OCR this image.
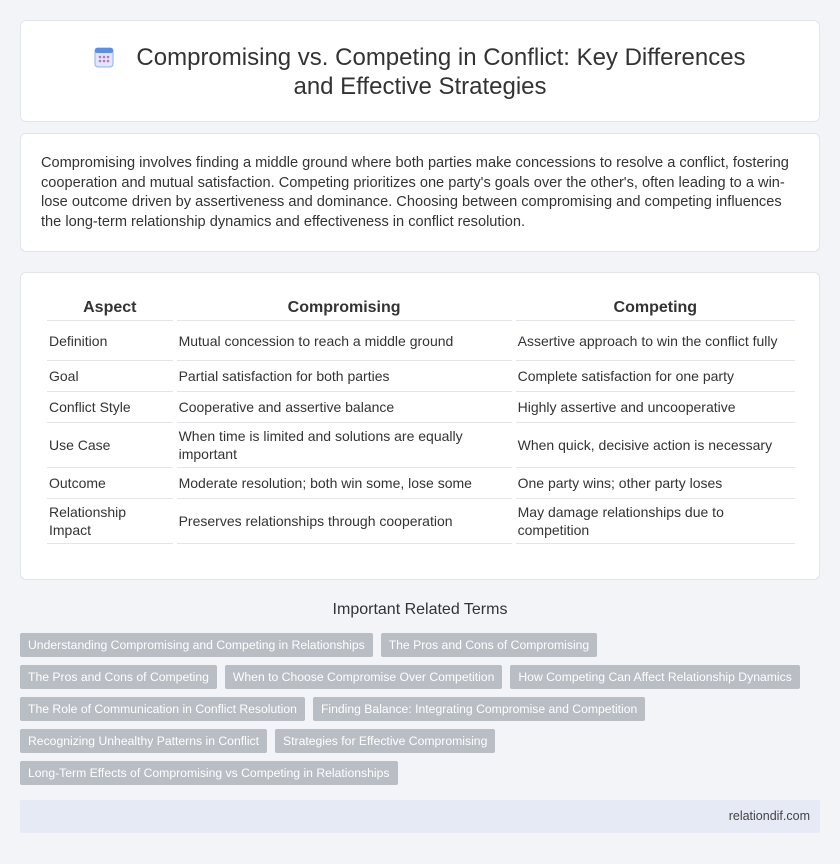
Compromising vs. Competing in Conflict: Key Differences and Effective Strategies
Compromising involves finding a middle ground where both parties make concessions to resolve a conflict, fostering cooperation and mutual satisfaction. Competing prioritizes one party's goals over the other's, often leading to a win-lose outcome driven by assertiveness and dominance. Choosing between compromising and competing influences the long-term relationship dynamics and effectiveness in conflict resolution.
Aspect	Compromising	Competing
Definition	Mutual concession to reach a middle ground	Assertive approach to win the conflict fully
Goal	Partial satisfaction for both parties	Complete satisfaction for one party
Conflict Style	Cooperative and assertive balance	Highly assertive and uncooperative
Use Case	When time is limited and solutions are equally important	When quick, decisive action is necessary
Outcome	Moderate resolution; both win some, lose some	One party wins; other party loses
Relationship Impact	Preserves relationships through cooperation	May damage relationships due to competition
Important Related Terms
Understanding Compromising and Competing in Relationships	The Pros and Cons of Compromising
The Pros and Cons of Competing	When to Choose Compromise Over Competition	How Competing Can Affect Relationship Dynamics
The Role of Communication in Conflict Resolution	Finding Balance: Integrating Compromise and Competition
Recognizing Unhealthy Patterns in Conflict	Strategies for Effective Compromising
Long-Term Effects of Compromising vs Competing in Relationships
relationdif.com
